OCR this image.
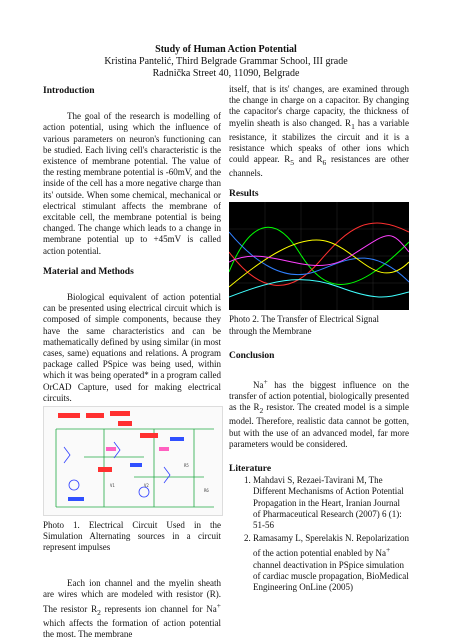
Study of Human Action Potential
Kristina Pantelić, Third Belgrade Grammar School, III grade
Radnička Street 40, 11090, Belgrade
Introduction

The goal of the research is modelling of action potential, using which the influence of various parameters on neuron's functioning can be studied. Each living cell's characteristic is the existence of membrane potential. The value of the resting membrane potential is -60mV, and the inside of the cell has a more negative charge than its' outside. When some chemical, mechanical or electrical stimulant affects the membrane of excitable cell, the membrane potential is being changed. The change which leads to a change in membrane potential up to +45mV is called action potential.

Material and Methods

Biological equivalent of action potential can be presented using electrical circuit which is composed of simple components, because they have the same characteristics and can be mathematically defined by using similar (in most cases, same) equations and relations. A program package called PSpice was being used, within which it was being operated* in a program called OrCAD Capture, used for making electrical circuits.

V1	V2
R5
R6

Photo 1. Electrical Circuit Used in the Simulation Alternating sources in a circuit represent impulses

Each ion channel and the myelin sheath are wires which are modeled with resistor (R). The resistor $R_2$ represents ion channel for Na+ which affects the formation of action potential the most. The membrane

itself, that is its' changes, are examined through the change in charge on a capacitor. By changing the capacitor's charge capacity, the thickness of myelin sheath is also changed. $R_1$ has a variable resistance, it stabilizes the circuit and it is a resistance which speaks of other ions which could appear. $R_5$ and $R_6$ resistances are other channels.

Results

Photo 2. The Transfer of Electrical Signal through the Membrane

Conclusion

Na+ has the biggest influence on the transfer of action potential, biologically presented as the $R_2$ resistor. The created model is a simple model. Therefore, realistic data cannot be gotten, but with the use of an advanced model, far more parameters would be considered.

Literature
1. Mahdavi S, Rezaei-Tavirani M, The Different Mechanisms of Action Potential Propagation in the Heart, Iranian Journal of Pharmaceutical Research (2007) 6 (1): 51-56
2. Ramasamy L, Sperelakis N. Repolarization of the action potential enabled by Na+ channel deactivation in PSpice simulation of cardiac muscle propagation, BioMedical Engineering OnLine (2005)
